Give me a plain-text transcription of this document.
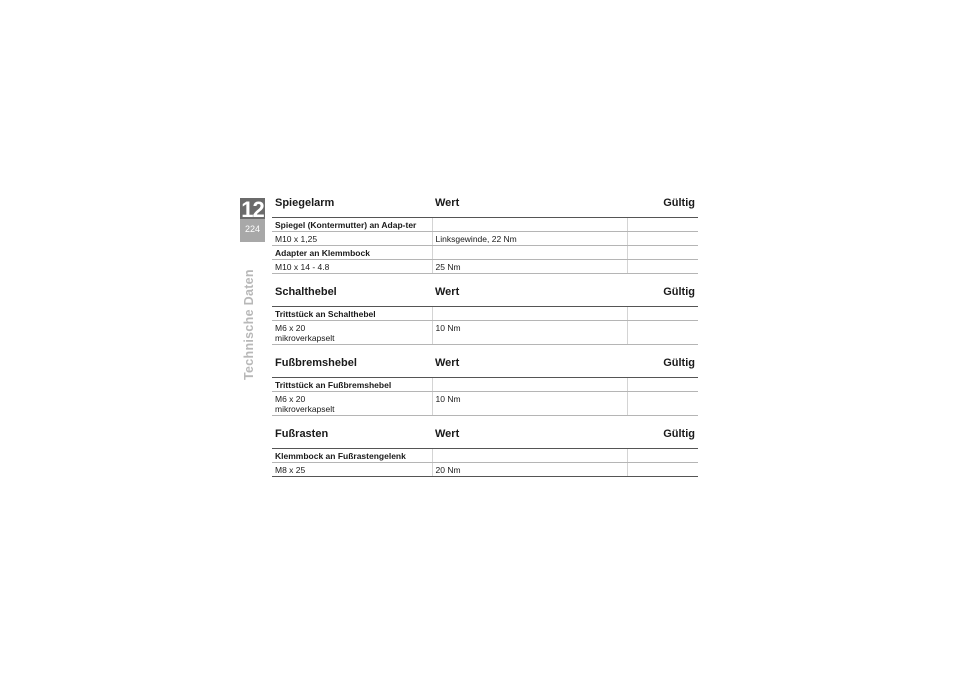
12
224
Technische Daten
Spiegelarm	Wert	Gültig
Spiegel (Kontermutter) an Adap-ter		
M10 x 1,25	Linksgewinde, 22 Nm	
Adapter an Klemmbock		
M10 x 14 - 4.8	25 Nm	
Schalthebel	Wert	Gültig
Trittstück an Schalthebel		

M6 x 20
mikroverkapselt	10 Nm	
Fußbremshebel	Wert	Gültig
Trittstück an Fußbremshebel		

M6 x 20
mikroverkapselt	10 Nm	
Fußrasten	Wert	Gültig
Klemmbock an Fußrastengelenk		
M8 x 25	20 Nm	
